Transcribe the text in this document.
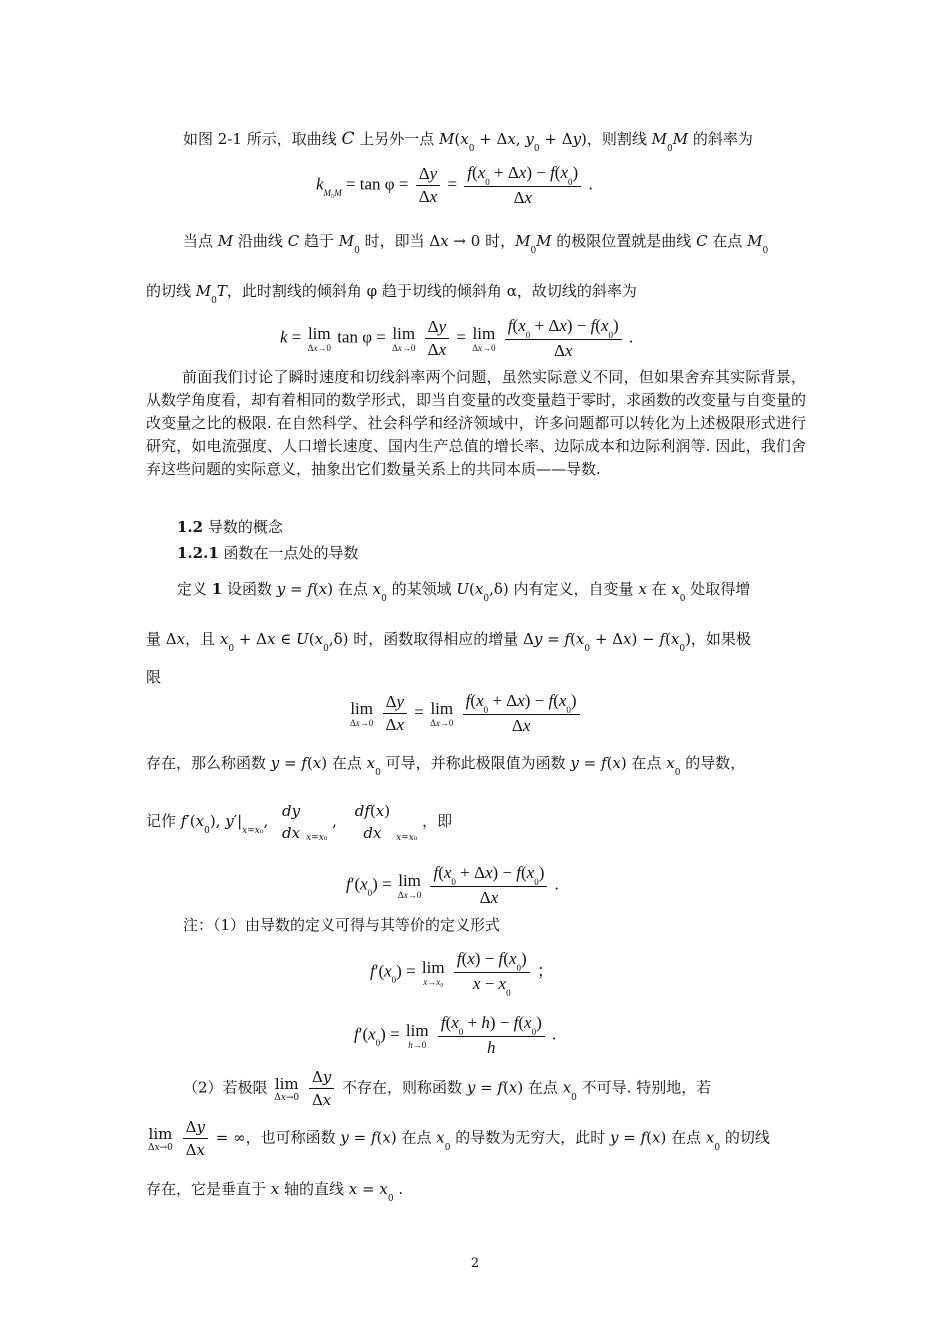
如图 2-1 所示，取曲线 C 上另外一点 $M(x_0 + \Delta x$, $y_0 + \Delta y$)，则割线 $M_0M$ 的斜率为
$k_{M_0M} = \tan \varphi = \frac{\Delta y}{\Delta x} = \frac{f(x_0 + \Delta x) - f(x_0)}{\Delta x}$ .
当点 M 沿曲线 C 趋于 $M_0$ 时，即当 Δx → 0 时，$M_0M$ 的极限位置就是曲线 C 在点 $M_0$
的切线 $M_0T$，此时割线的倾斜角 φ 趋于切线的倾斜角 α，故切线的斜率为
k = lim
Δx→0
tan φ = lim
Δx→0
$\frac{\Delta y}{\Delta x} = \lim$
Δx→0
$\frac{f(x_0 + \Delta x) - f(x_0)}{\Delta x}$ .
前面我们讨论了瞬时速度和切线斜率两个问题，虽然实际意义不同，但如果舍弃其实际背景，从数学角度看，却有着相同的数学形式，即当自变量的改变量趋于零时，求函数的改变量与自变量的改变量之比的极限. 在自然科学、社会科学和经济领域中，许多问题都可以转化为上述极限形式进行研究，如电流强度、人口增长速度、国内生产总值的增长率、边际成本和边际利润等. 因此，我们舍弃这些问题的实际意义，抽象出它们数量关系上的共同本质——导数.
1.2 导数的概念
1.2.1 函数在一点处的导数
定义 1 设函数 y = f(x) 在点 $x_0$ 的某领域 $U(x_0,\delta)$ 内有定义，自变量 x 在 $x_0$ 处取得增
量 Δx，且 $x_0 + \Delta x$ ∈ $U(x_0,\delta)$ 时，函数取得相应的增量 $\Delta y = f(x_0 + \Delta x) - f(x_0)$，如果极
限
lim
Δx→0
$\frac{\Delta y}{\Delta x} = \lim$
Δx→0
$\frac{f(x_0 + \Delta x) - f(x_0)}{\Delta x}$
存在，那么称函数 y = f(x) 在点 $x_0$ 可导，并称此极限值为函数 y = f(x) 在点 $x_0$ 的导数，
记作 $f'(x_0)$, $y'|_{x=x_0}$,
dy
dx $_{x=x_0}$ ,
df(x)
dx	$_{x=x_0}$ ，即
$f'(x_0) = \lim$
Δx→0
$\frac{f(x_0 + \Delta x) - f(x_0)}{\Delta x}$ .
注：（1）由导数的定义可得与其等价的定义形式
$f'(x_0) = \lim$
x→x₀
$\frac{f(x) - f(x_0)}{x - x_0}$ ；
$f'(x_0) = \lim$
h→0
$\frac{f(x_0 + h) - f(x_0)}{h}$ .
（2）若极限 lim
Δx→0
$\frac{\Delta y}{\Delta x}$ 不存在，则称函数 y = f(x) 在点 $x_0$ 不可导. 特别地，若
lim
Δx→0
$\frac{\Delta y}{\Delta x}$ = ∞，也可称函数 y = f(x) 在点 $x_0$ 的导数为无穷大，此时 y = f(x) 在点 $x_0$ 的切线
存在，它是垂直于 x 轴的直线 $x = x_0$ .
2
